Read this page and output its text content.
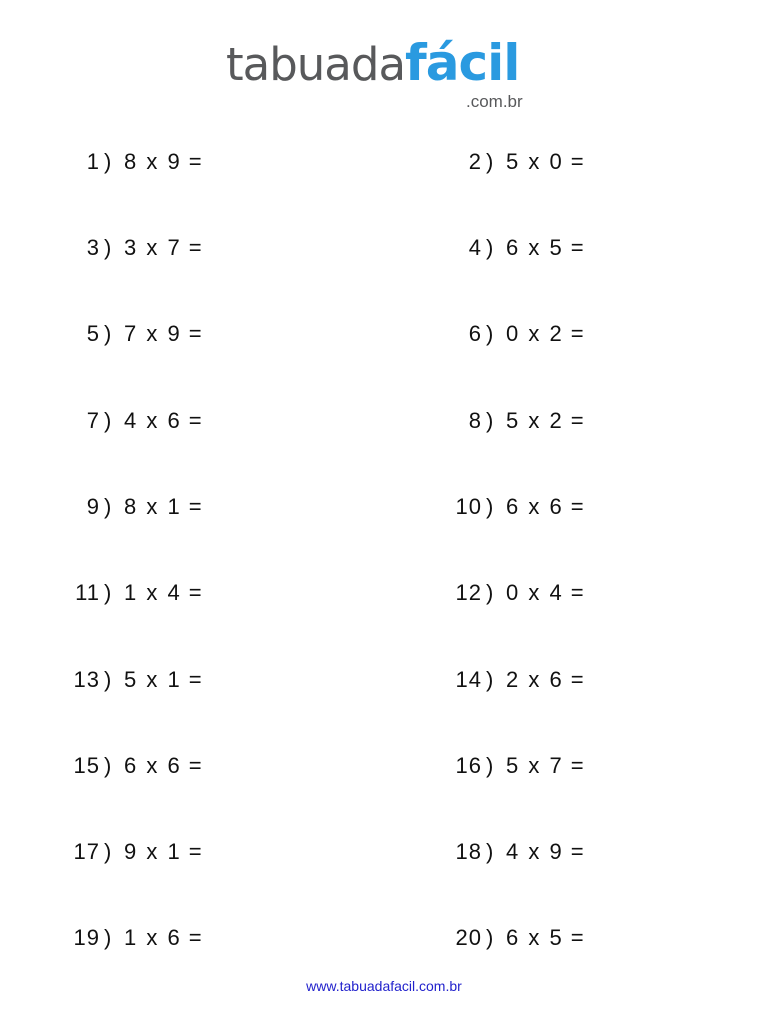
tabuadafácil
.com.br
1 ) 8 x 9 =	2 ) 5 x 0 =
3 ) 3 x 7 =	4 ) 6 x 5 =
5 ) 7 x 9 =	6 ) 0 x 2 =
7 ) 4 x 6 =	8 ) 5 x 2 =
9 ) 8 x 1 =	10 ) 6 x 6 =
11 ) 1 x 4 =	12 ) 0 x 4 =
13 ) 5 x 1 =	14 ) 2 x 6 =
15 ) 6 x 6 =	16 ) 5 x 7 =
17 ) 9 x 1 =	18 ) 4 x 9 =
19 ) 1 x 6 =	20 ) 6 x 5 =
www.tabuadafacil.com.br
